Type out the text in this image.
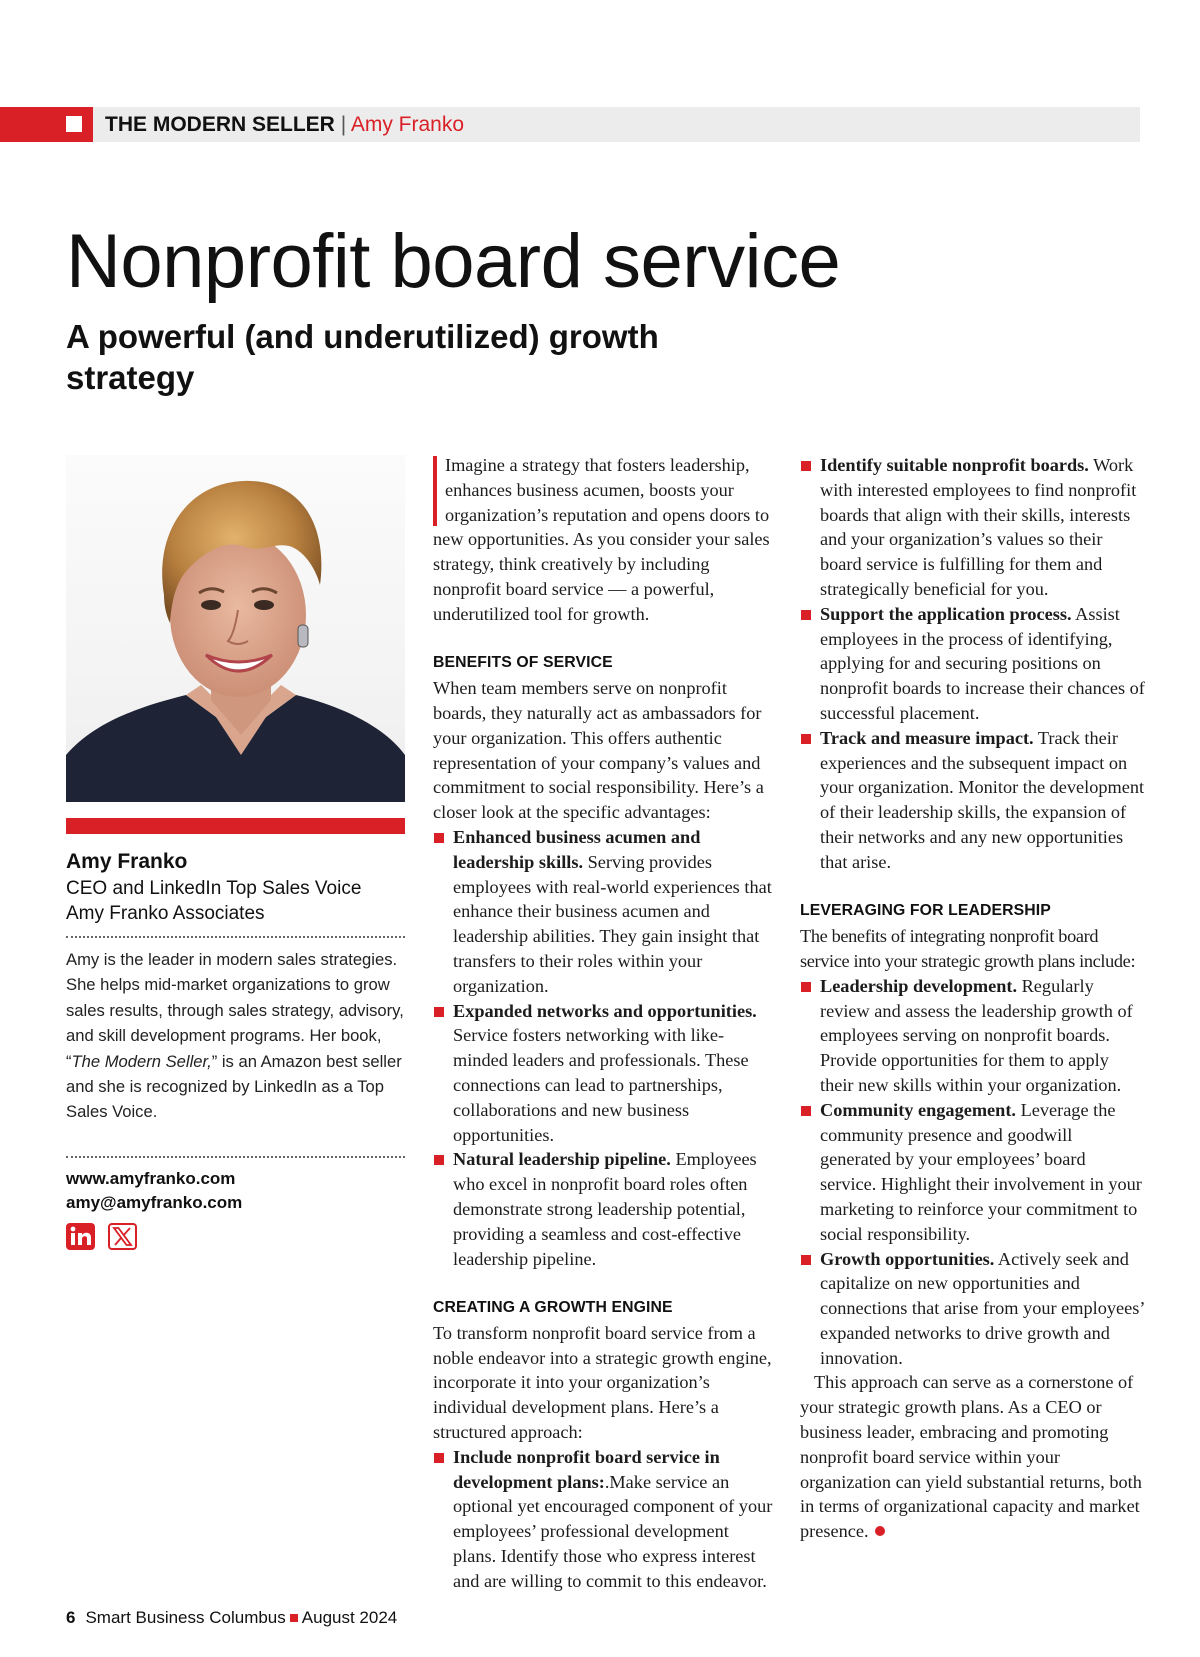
THE MODERN SELLER | Amy Franko
Nonprofit board service
A powerful (and underutilized) growth strategy
Amy Franko
CEO and LinkedIn Top Sales Voice
Amy Franko Associates

Amy is the leader in modern sales strategies. She helps mid-market organizations to grow sales results, through sales strategy, advisory, and skill development programs. Her book, “The Modern Seller,” is an Amazon best seller and she is recognized by LinkedIn as a Top Sales Voice.

www.amyfranko.com
amy@amyfranko.com

Imagine a strategy that fosters leadership, enhances business acumen, boosts your organization’s reputation and opens doors to new opportunities. As you consider your sales strategy, think creatively by including nonprofit board service — a powerful, underutilized tool for growth.

BENEFITS OF SERVICE

When team members serve on nonprofit boards, they naturally act as ambassadors for your organization. This offers authentic representation of your company’s values and commitment to social responsibility. Here’s a closer look at the specific advantages:

Enhanced business acumen and leadership skills. Serving provides employees with real-world experiences that enhance their business acumen and leadership abilities. They gain insight that transfers to their roles within your organization.

Expanded networks and opportunities. Service fosters networking with like-minded leaders and professionals. These connections can lead to partnerships, collaborations and new business opportunities.

Natural leadership pipeline. Employees who excel in nonprofit board roles often demonstrate strong leadership potential, providing a seamless and cost-effective leadership pipeline.

CREATING A GROWTH ENGINE

To transform nonprofit board service from a noble endeavor into a strategic growth engine, incorporate it into your organization’s individual development plans. Here’s a structured approach:

Include nonprofit board service in development plans:.Make service an optional yet encouraged component of your employees’ professional development plans. Identify those who express interest and are willing to commit to this endeavor.

Identify suitable nonprofit boards. Work with interested employees to find nonprofit boards that align with their skills, interests and your organization’s values so their board service is fulfilling for them and strategically beneficial for you.

Support the application process. Assist employees in the process of identifying, applying for and securing positions on nonprofit boards to increase their chances of successful placement.

Track and measure impact. Track their experiences and the subsequent impact on your organization. Monitor the development of their leadership skills, the expansion of their networks and any new opportunities that arise.

LEVERAGING FOR LEADERSHIP

The benefits of integrating nonprofit board service into your strategic growth plans include:

Leadership development. Regularly review and assess the leadership growth of employees serving on nonprofit boards. Provide opportunities for them to apply their new skills within your organization.

Community engagement. Leverage the community presence and goodwill generated by your employees’ board service. Highlight their involvement in your marketing to reinforce your commitment to social responsibility.

Growth opportunities. Actively seek and capitalize on new opportunities and connections that arise from your employees’ expanded networks to drive growth and innovation.

This approach can serve as a cornerstone of your strategic growth plans. As a CEO or business leader, embracing and promoting nonprofit board service within your organization can yield substantial returns, both in terms of organizational capacity and market presence.

6 Smart Business Columbus August 2024
